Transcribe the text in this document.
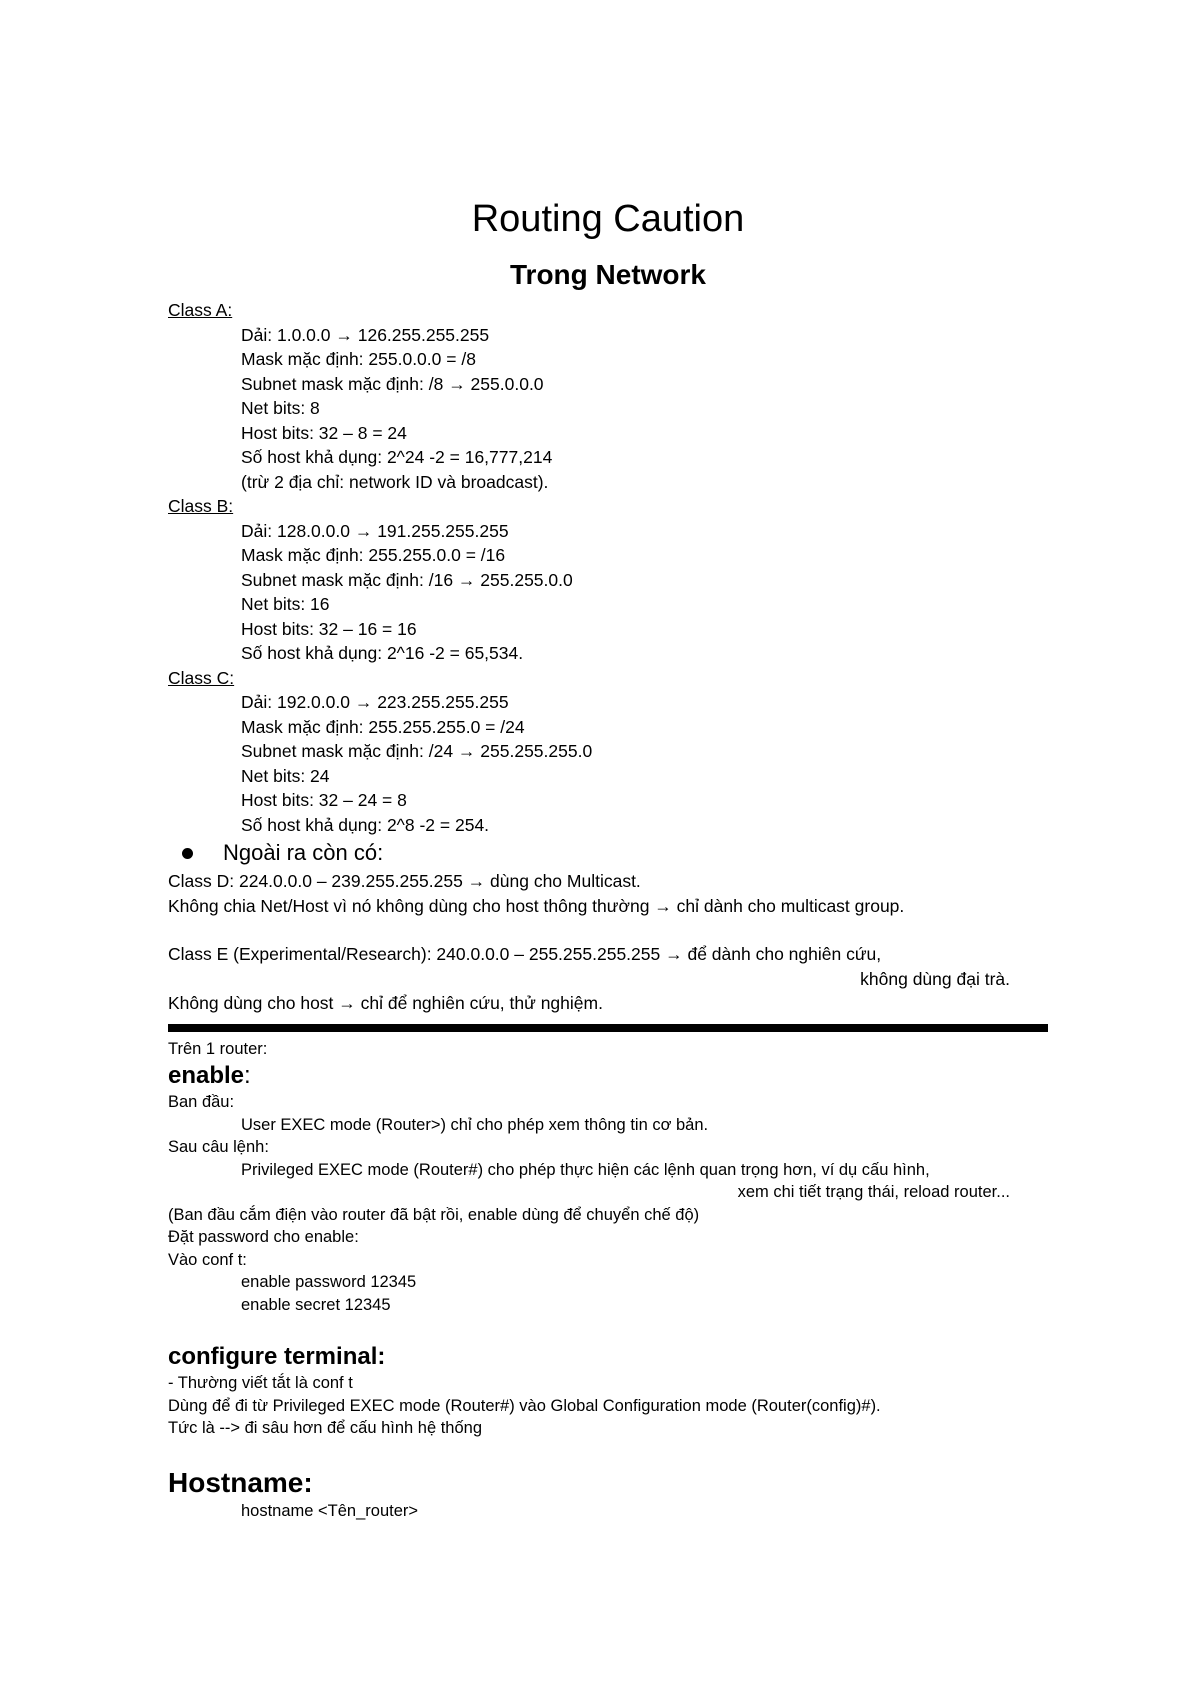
Routing Caution
Trong Network
Class A:
Dải: 1.0.0.0 → 126.255.255.255
Mask mặc định: 255.0.0.0 = /8
Subnet mask mặc định: /8 → 255.0.0.0
Net bits: 8
Host bits: 32 – 8 = 24
Số host khả dụng: 2^24 -2 = 16,777,214
(trừ 2 địa chỉ: network ID và broadcast).
Class B:
Dải: 128.0.0.0 → 191.255.255.255
Mask mặc định: 255.255.0.0 = /16
Subnet mask mặc định: /16 → 255.255.0.0
Net bits: 16
Host bits: 32 – 16 = 16
Số host khả dụng: 2^16 -2 = 65,534.
Class C:
Dải: 192.0.0.0 → 223.255.255.255
Mask mặc định: 255.255.255.0 = /24
Subnet mask mặc định: /24 → 255.255.255.0
Net bits: 24
Host bits: 32 – 24 = 8
Số host khả dụng: 2^8 -2 = 254.
Ngoài ra còn có:
Class D: 224.0.0.0 – 239.255.255.255 → dùng cho Multicast.
Không chia Net/Host vì nó không dùng cho host thông thường → chỉ dành cho multicast group.
Class E (Experimental/Research): 240.0.0.0 – 255.255.255.255 → để dành cho nghiên cứu,
không dùng đại trà.
Không dùng cho host → chỉ để nghiên cứu, thử nghiệm.
Trên 1 router:
enable:
Ban đầu:
User EXEC mode (Router>) chỉ cho phép xem thông tin cơ bản.
Sau câu lệnh:
Privileged EXEC mode (Router#) cho phép thực hiện các lệnh quan trọng hơn, ví dụ cấu hình,
xem chi tiết trạng thái, reload router...
(Ban đầu cắm điện vào router đã bật rồi, enable dùng để chuyển chế độ)
Đặt password cho enable:
Vào conf t:
enable password 12345
enable secret 12345
configure terminal:
- Thường viết tắt là conf t
Dùng để đi từ Privileged EXEC mode (Router#) vào Global Configuration mode (Router(config)#).
Tức là --> đi sâu hơn để cấu hình hệ thống
Hostname:
hostname <Tên_router>
